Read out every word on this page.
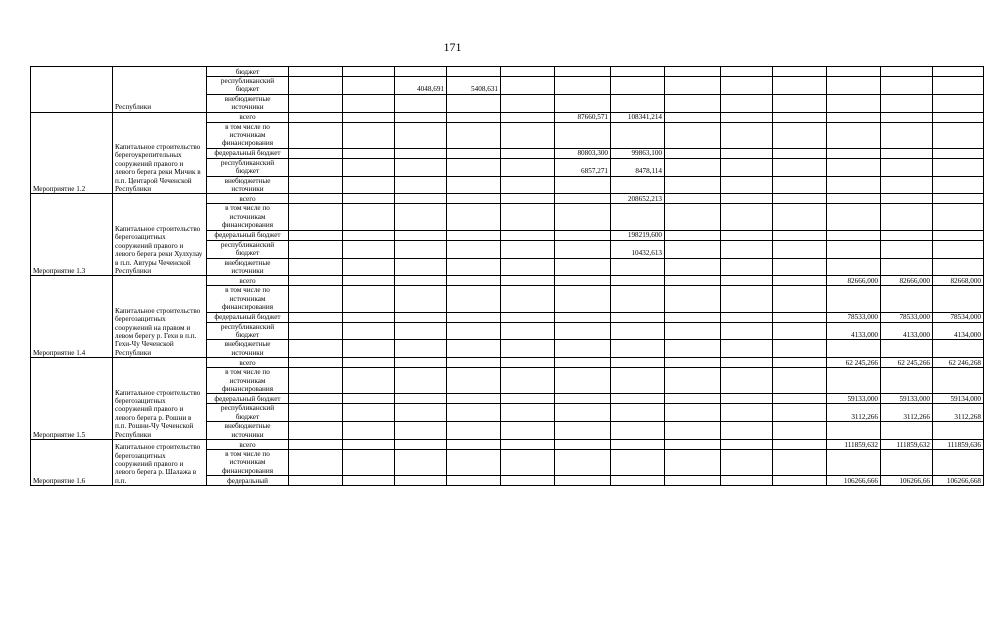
171
	Республики	бюджет													
		республиканский бюджет			4048,691	5408,631									
		внебюджетные источники													
Мероприятие 1.2	Капитальное строительство берегоукрепительных сооружений правого и левого берега реки Мичик в п.п. Центарой Чеченской Республики	всего						87660,571	108341,214						
		в том числе по источникам финансирования													
		федеральный бюджет						80803,300	99863,100						
		республиканский бюджет						6857,271	8478,114						
		внебюджетные источники													
Мероприятие 1.3	Капитальное строительство берегозащитных сооружений правого и левого берега реки Хулхулау в п.п. Автуры Чеченской Республики	всего							208652,213						
		в том числе по источникам финансирования													
		федеральный бюджет							198219,600						
		республиканский бюджет							10432,613						
		внебюджетные источники													
Мероприятие 1.4	Капитальное строительство берегозащитных сооружений на правом и левом берегу р. Гехи в п.п. Гехи-Чу Чеченской Республики	всего											82666,000	82666,000	82668,000
		в том числе по источникам финансирования													
		федеральный бюджет											78533,000	78533,000	78534,000
		республиканский бюджет											4133,000	4133,000	4134,000
		внебюджетные источники													
Мероприятие 1.5	Капитальное строительство берегозащитных сооружений правого и левого берега р. Рошни в п.п. Рошни-Чу Чеченской Республики	всего											62 245,266	62 245,266	62 246,268
		в том числе по источникам финансирования													
		федеральный бюджет											59133,000	59133,000	59134,000
		республиканский бюджет											3112,266	3112,266	3112,268
		внебюджетные источники													
Мероприятие 1.6	Капитальное строительство берегозащитных сооружений правого и левого берега р. Шалажа в п.п.	всего											111859,632	111859,632	111859,636
		в том числе по источникам финансирования													
		федеральный											106266,666	106266,66	106266,668
